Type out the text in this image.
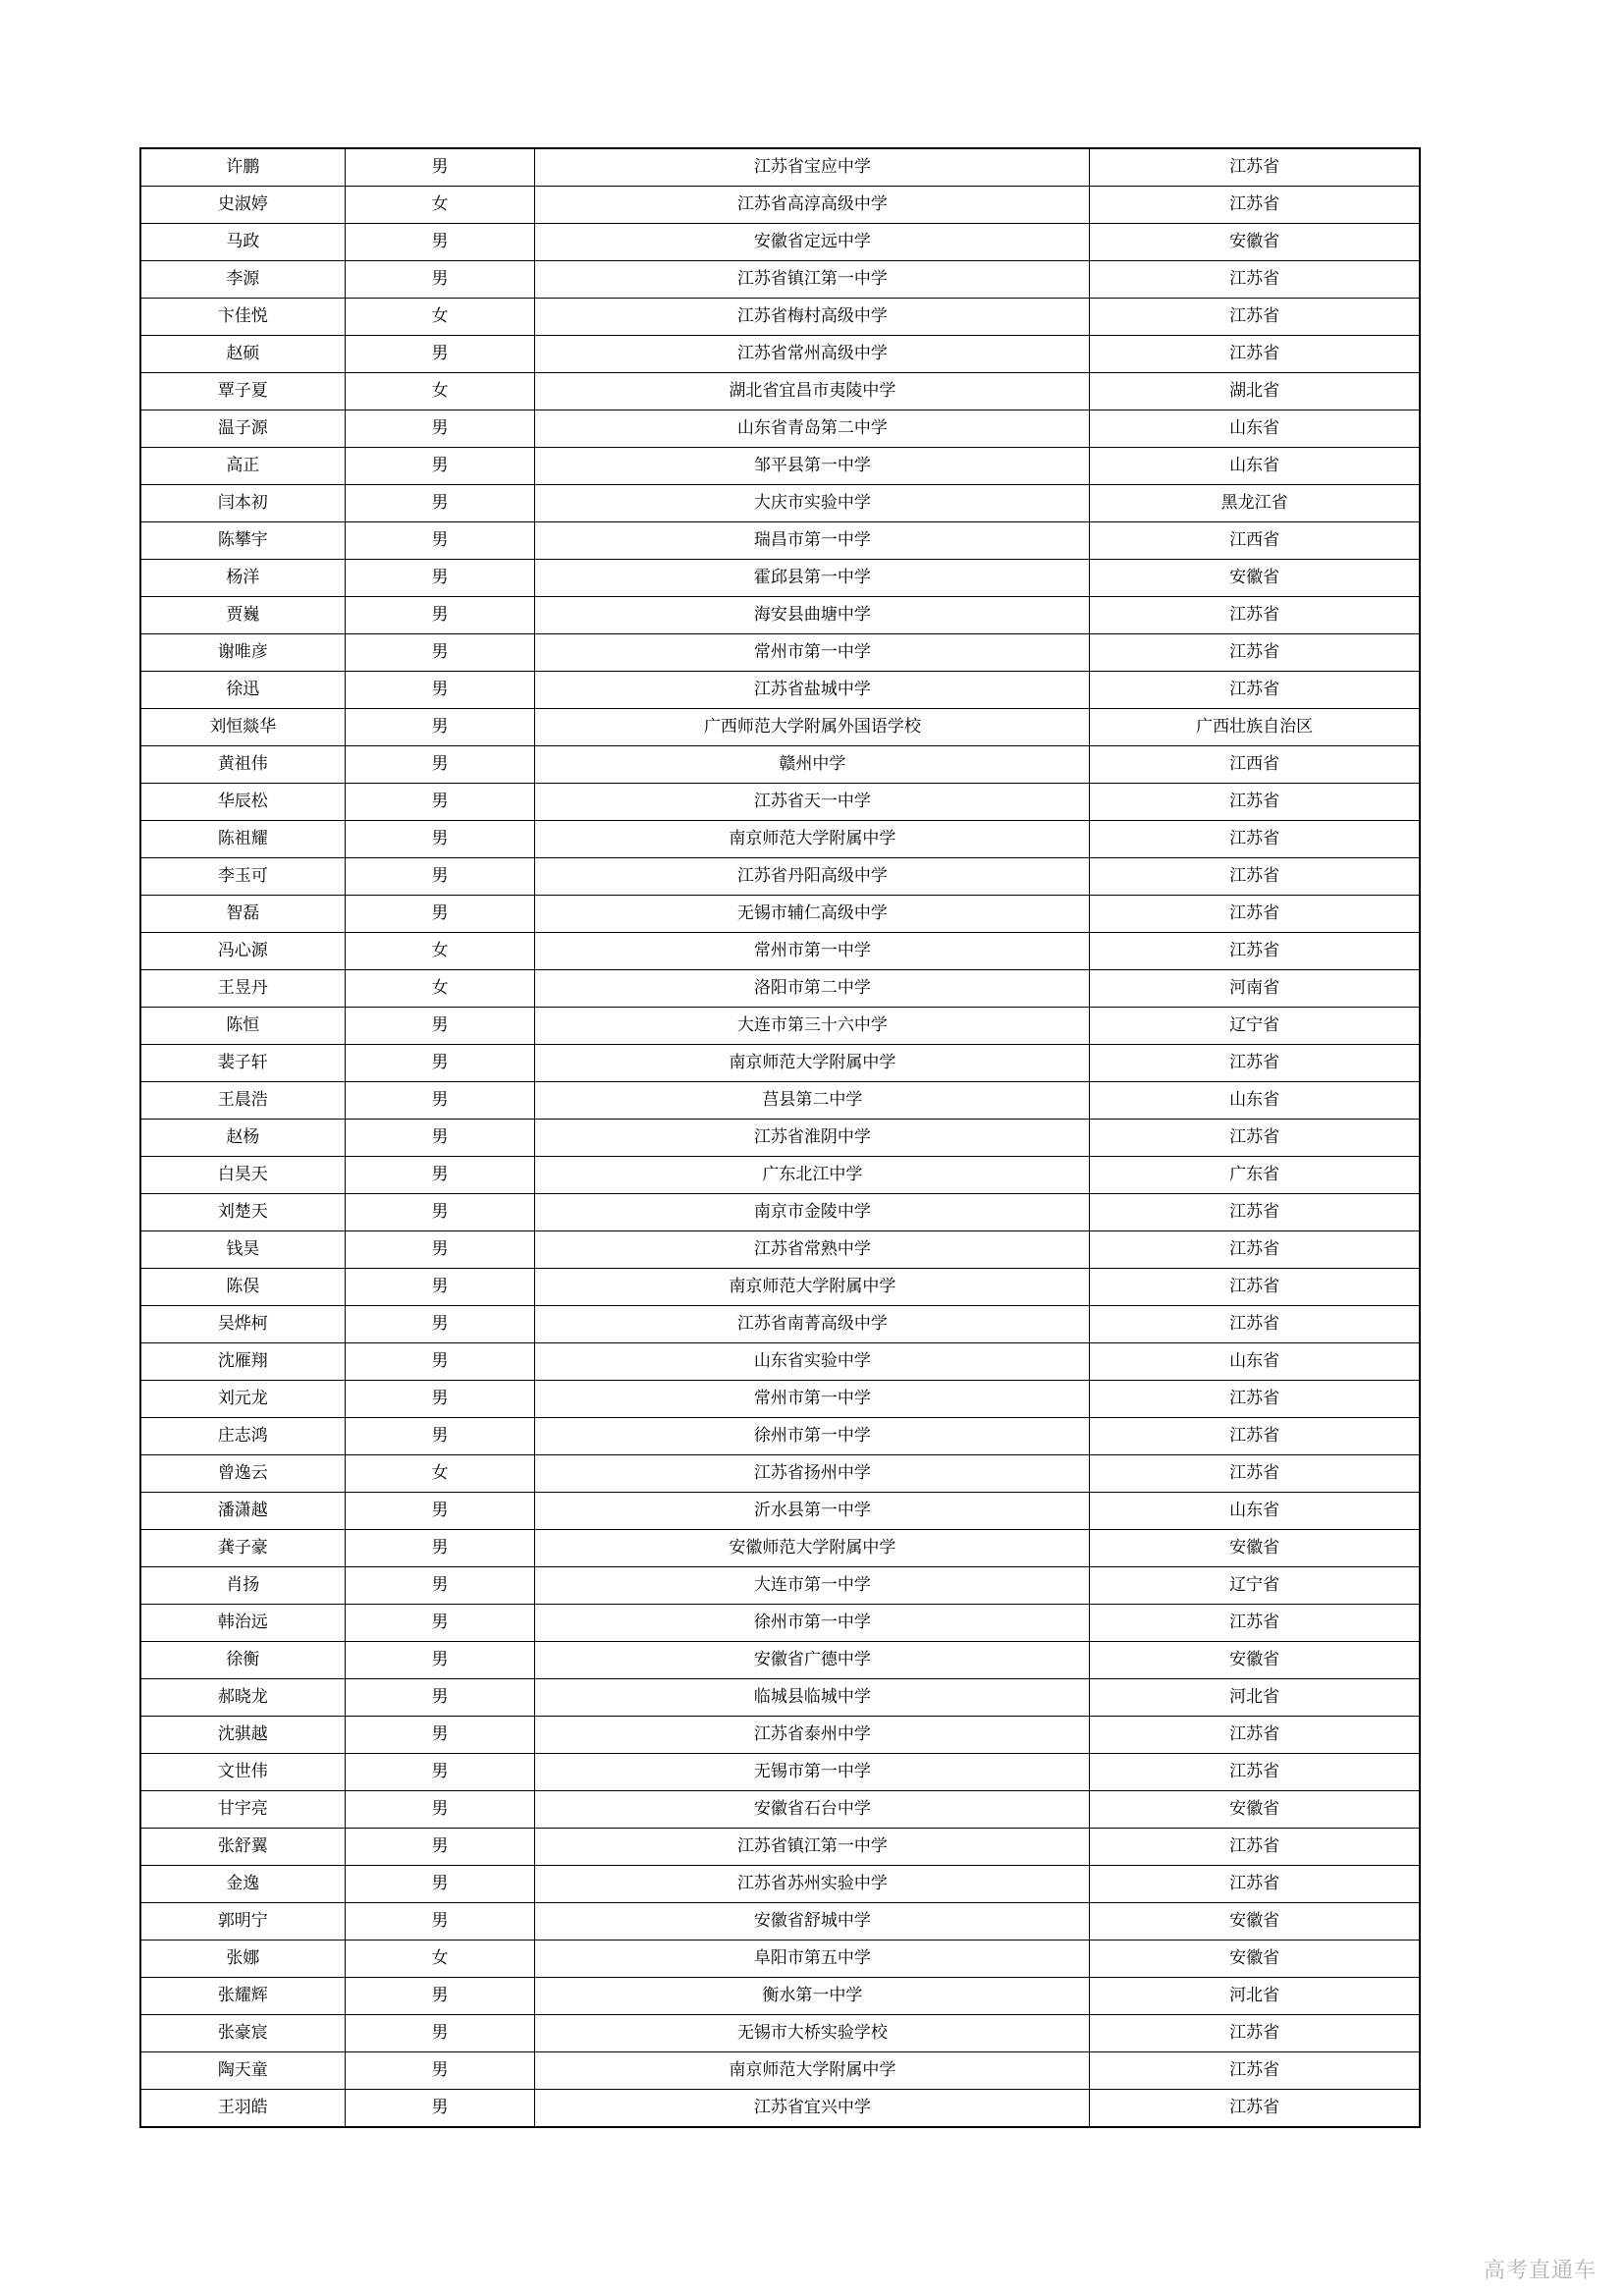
许鹏	男	江苏省宝应中学	江苏省
史淑婷	女	江苏省高淳高级中学	江苏省
马政	男	安徽省定远中学	安徽省
李源	男	江苏省镇江第一中学	江苏省
卞佳悦	女	江苏省梅村高级中学	江苏省
赵硕	男	江苏省常州高级中学	江苏省
覃子夏	女	湖北省宜昌市夷陵中学	湖北省
温子源	男	山东省青岛第二中学	山东省
高正	男	邹平县第一中学	山东省
闫本初	男	大庆市实验中学	黑龙江省
陈攀宇	男	瑞昌市第一中学	江西省
杨洋	男	霍邱县第一中学	安徽省
贾巍	男	海安县曲塘中学	江苏省
谢唯彦	男	常州市第一中学	江苏省
徐迅	男	江苏省盐城中学	江苏省
刘恒燚华	男	广西师范大学附属外国语学校	广西壮族自治区
黄祖伟	男	赣州中学	江西省
华辰松	男	江苏省天一中学	江苏省
陈祖耀	男	南京师范大学附属中学	江苏省
李玉可	男	江苏省丹阳高级中学	江苏省
智磊	男	无锡市辅仁高级中学	江苏省
冯心源	女	常州市第一中学	江苏省
王昱丹	女	洛阳市第二中学	河南省
陈恒	男	大连市第三十六中学	辽宁省
裴子轩	男	南京师范大学附属中学	江苏省
王晨浩	男	莒县第二中学	山东省
赵杨	男	江苏省淮阴中学	江苏省
白昊天	男	广东北江中学	广东省
刘楚天	男	南京市金陵中学	江苏省
钱昊	男	江苏省常熟中学	江苏省
陈俣	男	南京师范大学附属中学	江苏省
吴烨柯	男	江苏省南菁高级中学	江苏省
沈雁翔	男	山东省实验中学	山东省
刘元龙	男	常州市第一中学	江苏省
庄志鸿	男	徐州市第一中学	江苏省
曾逸云	女	江苏省扬州中学	江苏省
潘潇越	男	沂水县第一中学	山东省
龚子豪	男	安徽师范大学附属中学	安徽省
肖扬	男	大连市第一中学	辽宁省
韩治远	男	徐州市第一中学	江苏省
徐衡	男	安徽省广德中学	安徽省
郝晓龙	男	临城县临城中学	河北省
沈骐越	男	江苏省泰州中学	江苏省
文世伟	男	无锡市第一中学	江苏省
甘宇亮	男	安徽省石台中学	安徽省
张舒翼	男	江苏省镇江第一中学	江苏省
金逸	男	江苏省苏州实验中学	江苏省
郭明宁	男	安徽省舒城中学	安徽省
张娜	女	阜阳市第五中学	安徽省
张耀辉	男	衡水第一中学	河北省
张豪宸	男	无锡市大桥实验学校	江苏省
陶天童	男	南京师范大学附属中学	江苏省
王羽皓	男	江苏省宜兴中学	江苏省
高考直通车
